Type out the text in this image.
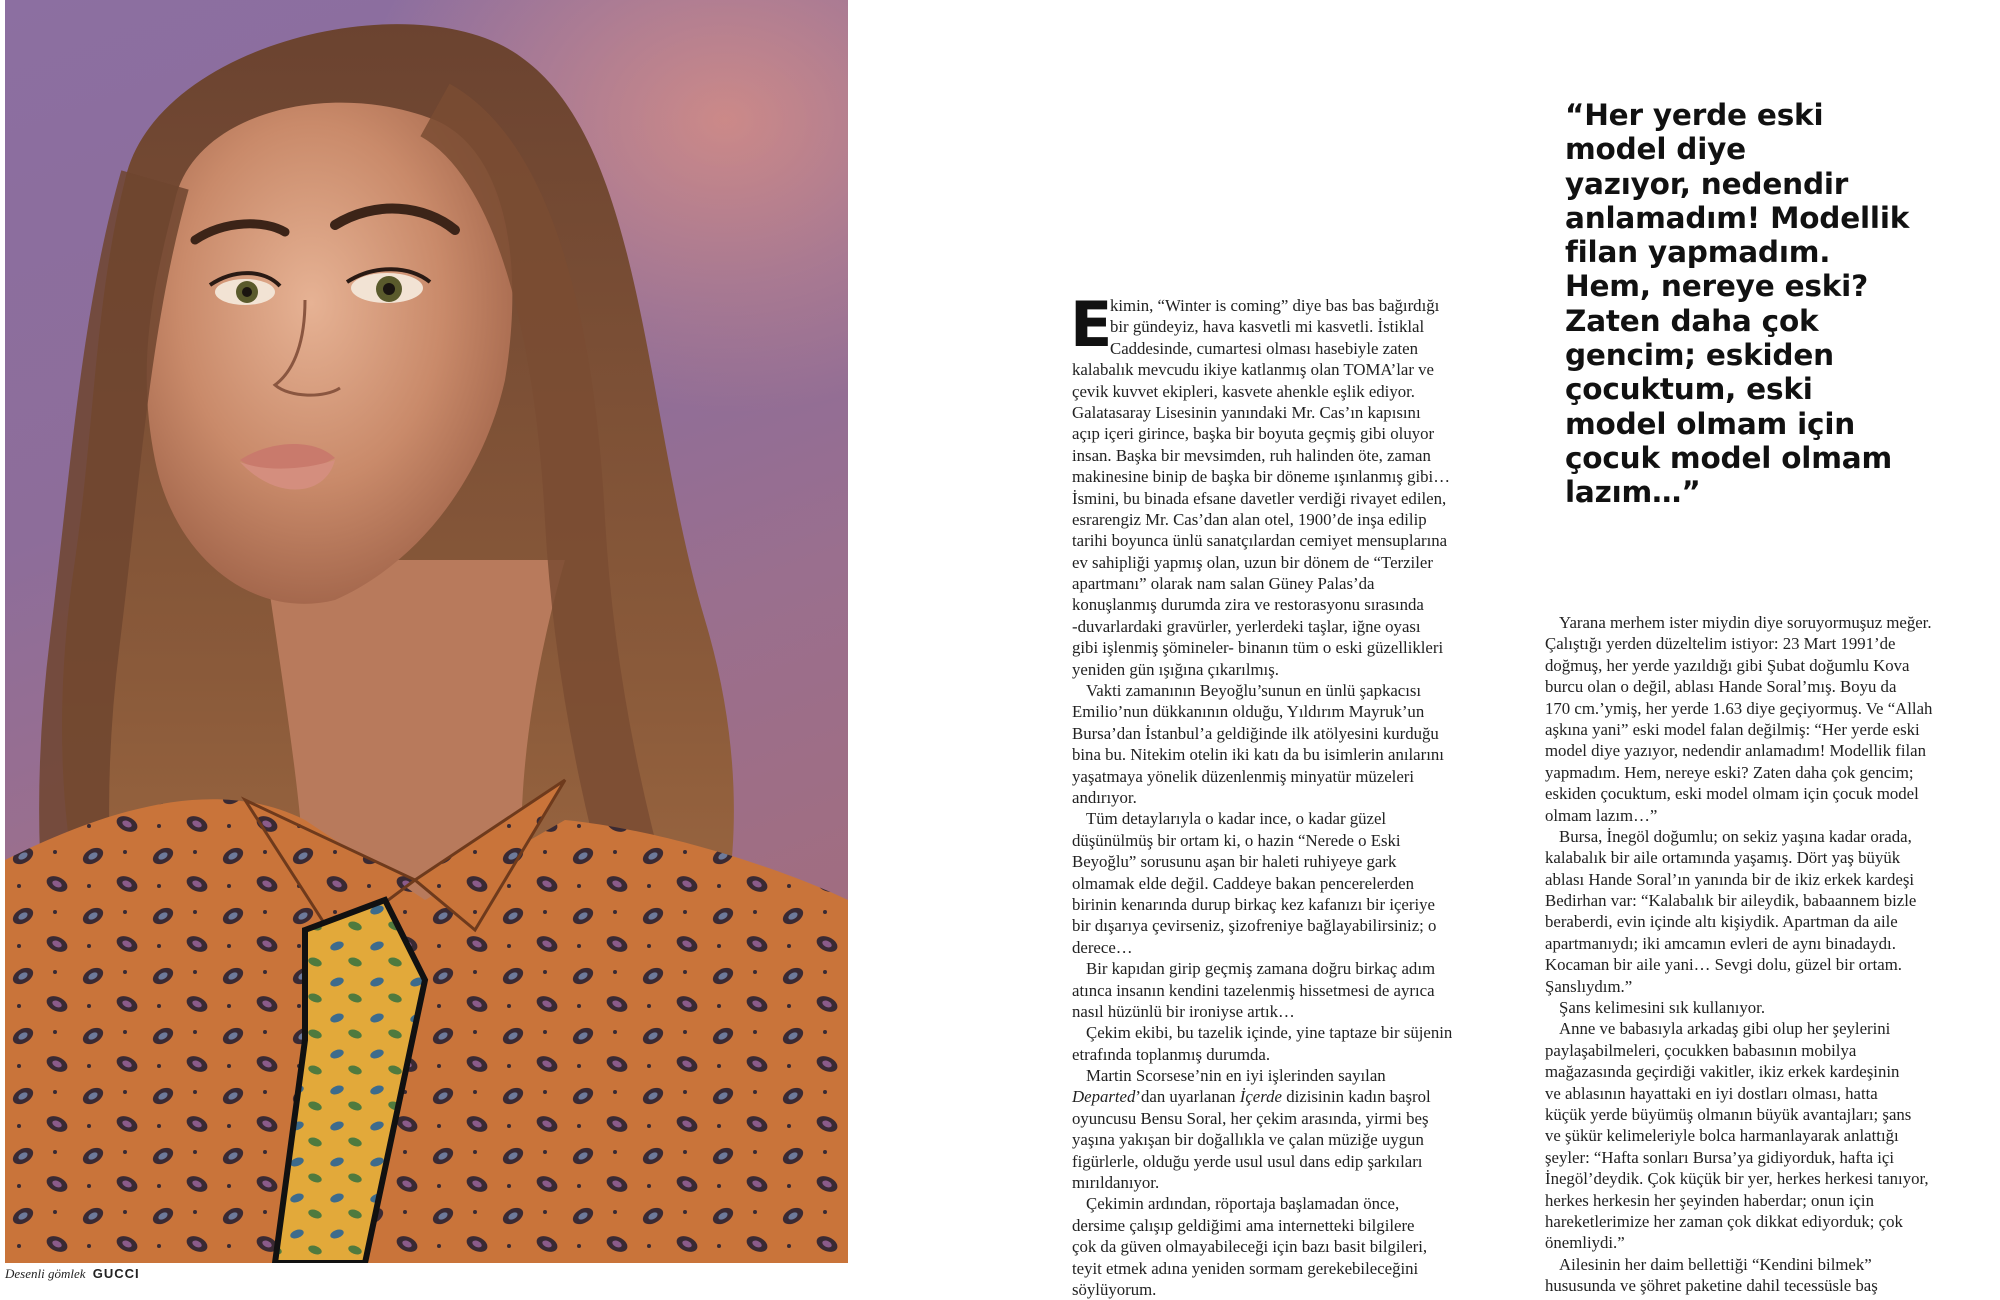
Desenli gömlek GUCCI

“Her yerde eski
model diye
yazıyor, nedendir
anlamadım! Modellik
filan yapmadım.
Hem, nereye eski?
Zaten daha çok
gencim; eskiden
çocuktum, eski
model olmam için
çocuk model olmam
lazım…”

E
kimin, “Winter is coming” diye bas bas bağırdığı
bir gündeyiz, hava kasvetli mi kasvetli. İstiklal
Caddesinde, cumartesi olması hasebiyle zaten
kalabalık mevcudu ikiye katlanmış olan TOMA’lar ve
çevik kuvvet ekipleri, kasvete ahenkle eşlik ediyor.
Galatasaray Lisesinin yanındaki Mr. Cas’ın kapısını
açıp içeri girince, başka bir boyuta geçmiş gibi oluyor
insan. Başka bir mevsimden, ruh halinden öte, zaman
makinesine binip de başka bir döneme ışınlanmış gibi…
İsmini, bu binada efsane davetler verdiği rivayet edilen,
esrarengiz Mr. Cas’dan alan otel, 1900’de inşa edilip
tarihi boyunca ünlü sanatçılardan cemiyet mensuplarına
ev sahipliği yapmış olan, uzun bir dönem de “Terziler
apartmanı” olarak nam salan Güney Palas’da
konuşlanmış durumda zira ve restorasyonu sırasında
-duvarlardaki gravürler, yerlerdeki taşlar, iğne oyası
gibi işlenmiş şömineler- binanın tüm o eski güzellikleri
yeniden gün ışığına çıkarılmış.
Vakti zamanının Beyoğlu’sunun en ünlü şapkacısı
Emilio’nun dükkanının olduğu, Yıldırım Mayruk’un
Bursa’dan İstanbul’a geldiğinde ilk atölyesini kurduğu
bina bu. Nitekim otelin iki katı da bu isimlerin anılarını
yaşatmaya yönelik düzenlenmiş minyatür müzeleri
andırıyor.
Tüm detaylarıyla o kadar ince, o kadar güzel
düşünülmüş bir ortam ki, o hazin “Nerede o Eski
Beyoğlu” sorusunu aşan bir haleti ruhiyeye gark
olmamak elde değil. Caddeye bakan pencerelerden
birinin kenarında durup birkaç kez kafanızı bir içeriye
bir dışarıya çevirseniz, şizofreniye bağlayabilirsiniz; o
derece…
Bir kapıdan girip geçmiş zamana doğru birkaç adım
atınca insanın kendini tazelenmiş hissetmesi de ayrıca
nasıl hüzünlü bir ironiyse artık…
Çekim ekibi, bu tazelik içinde, yine taptaze bir süjenin
etrafında toplanmış durumda.
Martin Scorsese’nin en iyi işlerinden sayılan
Departed’dan uyarlanan İçerde dizisinin kadın başrol
oyuncusu Bensu Soral, her çekim arasında, yirmi beş
yaşına yakışan bir doğallıkla ve çalan müziğe uygun
figürlerle, olduğu yerde usul usul dans edip şarkıları
mırıldanıyor.
Çekimin ardından, röportaja başlamadan önce,
dersime çalışıp geldiğimi ama internetteki bilgilere
çok da güven olmayabileceği için bazı basit bilgileri,
teyit etmek adına yeniden sormam gerekebileceğini
söylüyorum.
Yarana merhem ister miydin diye soruyormuşuz meğer.
Çalıştığı yerden düzeltelim istiyor: 23 Mart 1991’de
doğmuş, her yerde yazıldığı gibi Şubat doğumlu Kova
burcu olan o değil, ablası Hande Soral’mış. Boyu da
170 cm.’ymiş, her yerde 1.63 diye geçiyormuş. Ve “Allah
aşkına yani” eski model falan değilmiş: “Her yerde eski
model diye yazıyor, nedendir anlamadım! Modellik filan
yapmadım. Hem, nereye eski? Zaten daha çok gencim;
eskiden çocuktum, eski model olmam için çocuk model
olmam lazım…”
Bursa, İnegöl doğumlu; on sekiz yaşına kadar orada,
kalabalık bir aile ortamında yaşamış. Dört yaş büyük
ablası Hande Soral’ın yanında bir de ikiz erkek kardeşi
Bedirhan var: “Kalabalık bir aileydik, babaannem bizle
beraberdi, evin içinde altı kişiydik. Apartman da aile
apartmanıydı; iki amcamın evleri de aynı binadaydı.
Kocaman bir aile yani… Sevgi dolu, güzel bir ortam.
Şanslıydım.”
Şans kelimesini sık kullanıyor.
Anne ve babasıyla arkadaş gibi olup her şeylerini
paylaşabilmeleri, çocukken babasının mobilya
mağazasında geçirdiği vakitler, ikiz erkek kardeşinin
ve ablasının hayattaki en iyi dostları olması, hatta
küçük yerde büyümüş olmanın büyük avantajları; şans
ve şükür kelimeleriyle bolca harmanlayarak anlattığı
şeyler: “Hafta sonları Bursa’ya gidiyorduk, hafta içi
İnegöl’deydik. Çok küçük bir yer, herkes herkesi tanıyor,
herkes herkesin her şeyinden haberdar; onun için
hareketlerimize her zaman çok dikkat ediyorduk; çok
önemliydi.”
Ailesinin her daim bellettiği “Kendini bilmek”
hususunda ve şöhret paketine dahil tecessüsle baş
